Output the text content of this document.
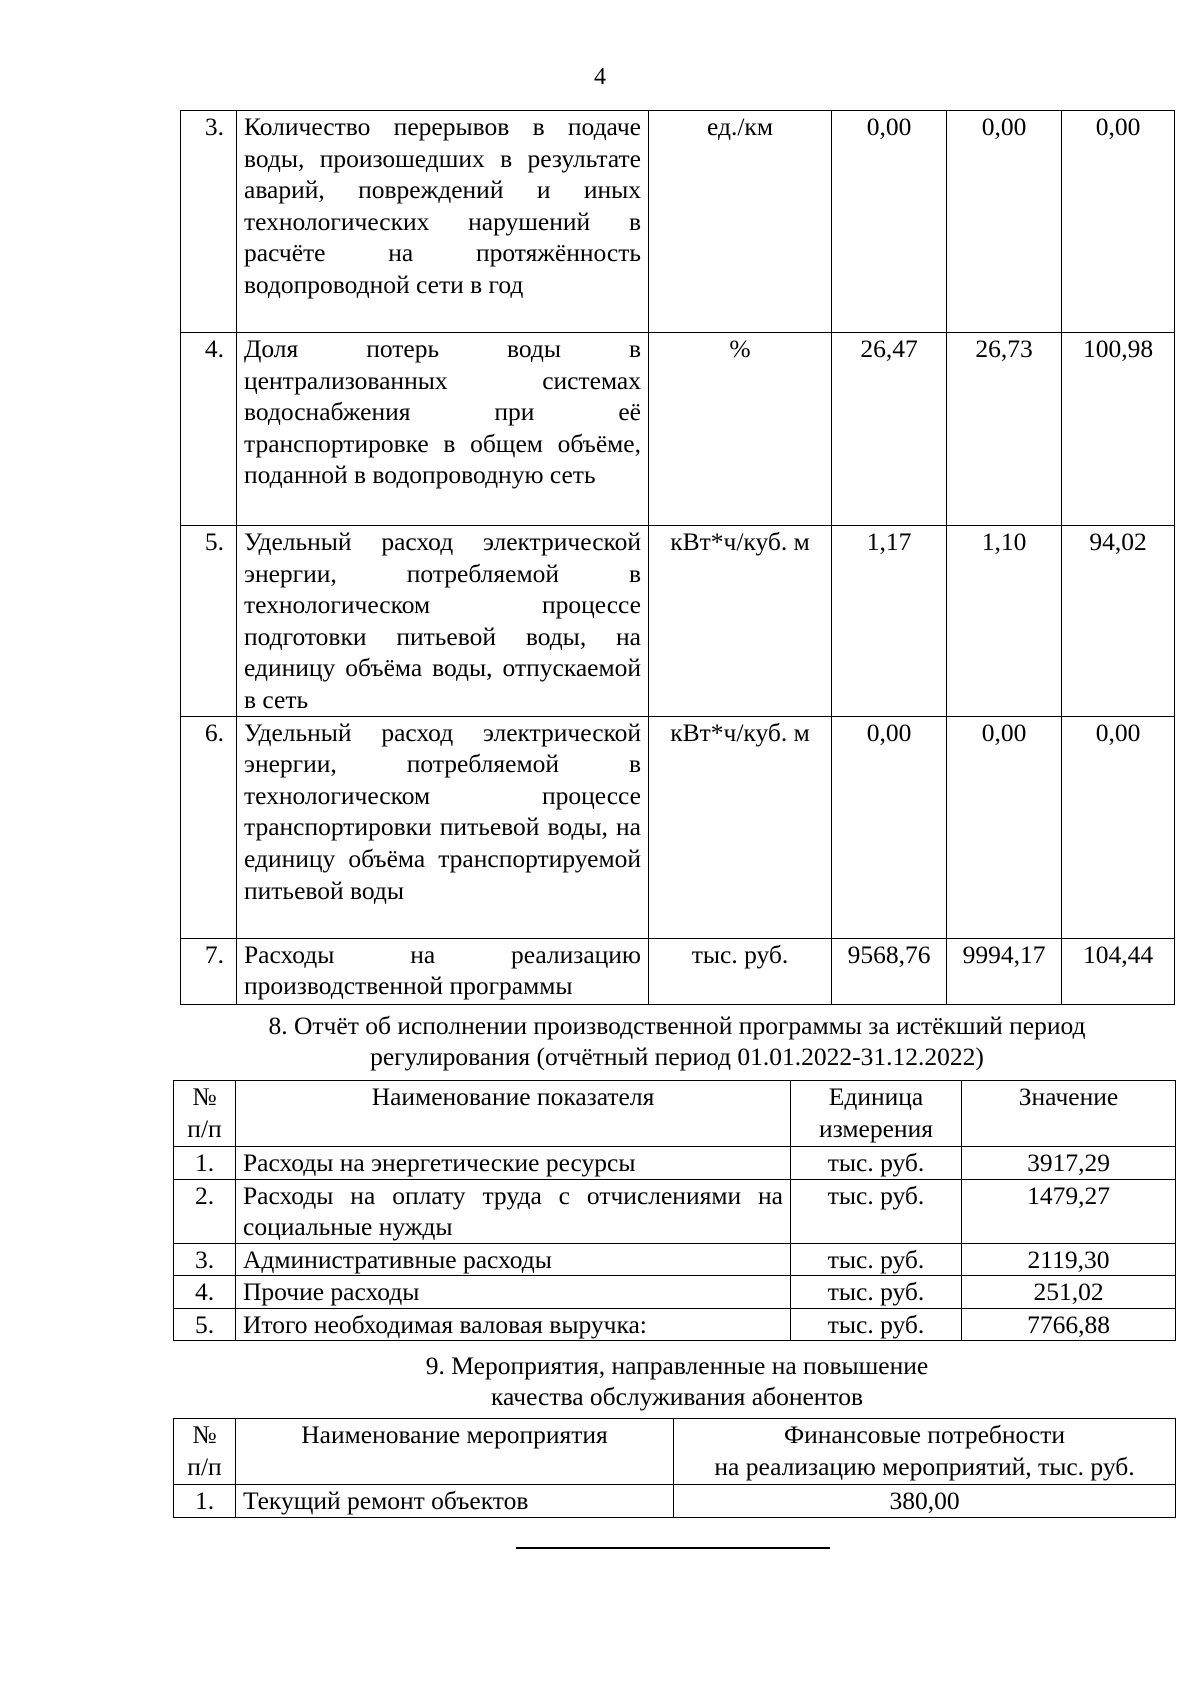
4
3.	Количество перерывов в подаче воды, произошедших в результате аварий, повреждений и иных технологических нарушений в расчёте на протяжённость водопроводной сети в год	ед./км	0,00	0,00	0,00
4.	Доля потерь воды в централизованных системах водоснабжения при её транспортировке в общем объёме, поданной в водопроводную сеть	%	26,47	26,73	100,98
5.	Удельный расход электрической энергии, потребляемой в технологическом процессе подготовки питьевой воды, на единицу объёма воды, отпускаемой в сеть	кВт*ч/куб. м	1,17	1,10	94,02
6.	Удельный расход электрической энергии, потребляемой в технологическом процессе транспортировки питьевой воды, на единицу объёма транспортируемой питьевой воды	кВт*ч/куб. м	0,00	0,00	0,00
7.	Расходы на реализацию производственной программы	тыс. руб.	9568,76	9994,17	104,44
8. Отчёт об исполнении производственной программы за истёкший период
регулирования (отчётный период 01.01.2022-31.12.2022)
№ п/п	Наименование показателя	Единица измерения	Значение
1.	Расходы на энергетические ресурсы	тыс. руб.	3917,29
2.	Расходы на оплату труда с отчислениями на социальные нужды	тыс. руб.	1479,27
3.	Административные расходы	тыс. руб.	2119,30
4.	Прочие расходы	тыс. руб.	251,02
5.	Итого необходимая валовая выручка:	тыс. руб.	7766,88
9. Мероприятия, направленные на повышение
качества обслуживания абонентов
№ п/п	Наименование мероприятия	Финансовые потребности
на реализацию мероприятий, тыс. руб.

1.	Текущий ремонт объектов	380,00
